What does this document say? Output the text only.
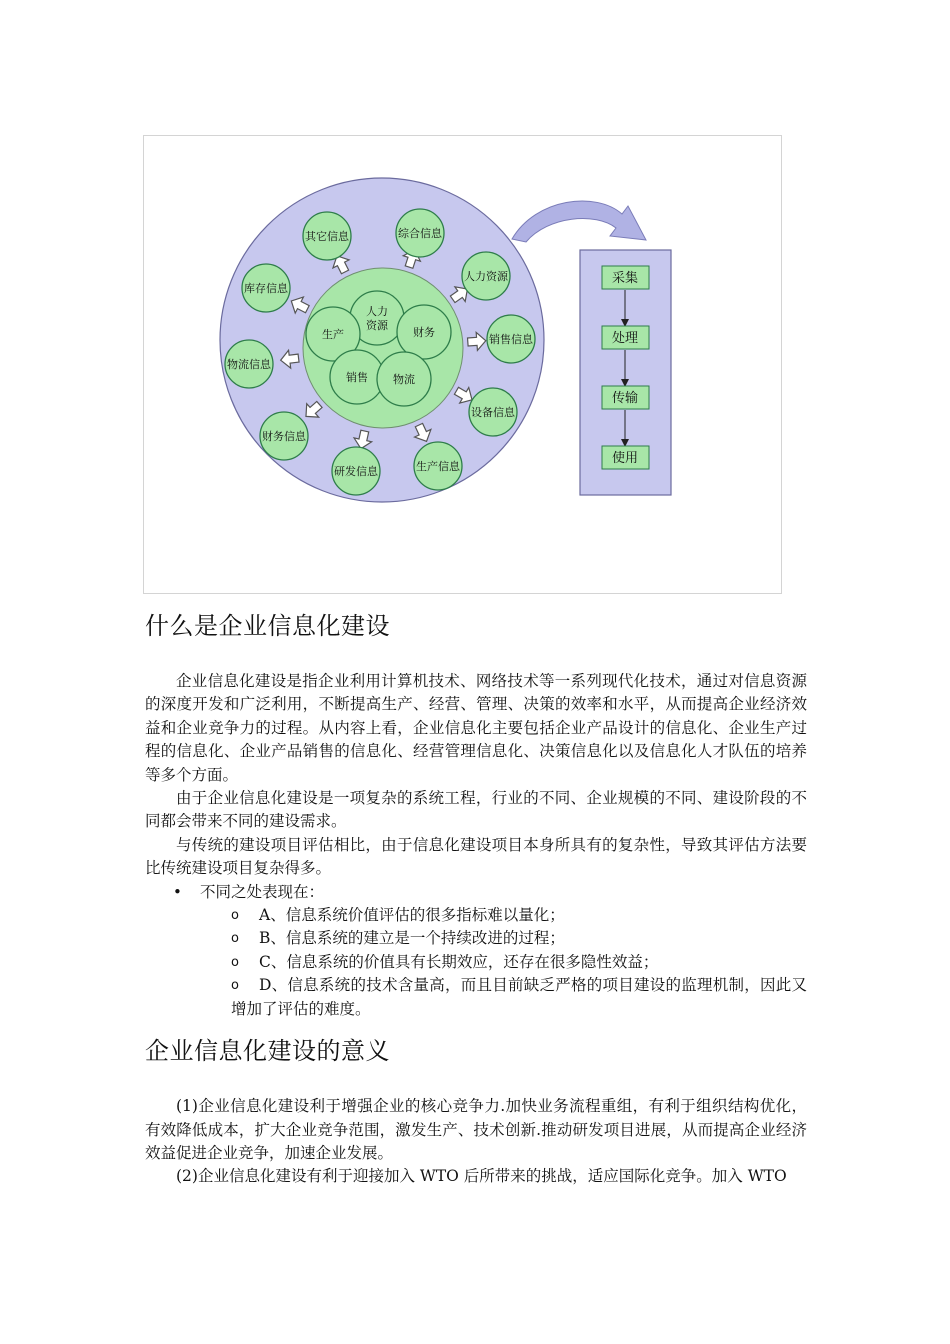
人力
资源
生产	财务
销售 物流
其它信息	综合信息
人力资源
销售信息
设备信息
生产信息
研发信息
财务信息
物流信息
库存信息
采集
处理
传输
使用
什么是企业信息化建设

企业信息化建设是指企业利用计算机技术、网络技术等一系列现代化技术，通过对信息资源的深度开发和广泛利用，不断提高生产、经营、管理、决策的效率和水平，从而提高企业经济效益和企业竞争力的过程。从内容上看，企业信息化主要包括企业产品设计的信息化、企业生产过程的信息化、企业产品销售的信息化、经营管理信息化、决策信息化以及信息化人才队伍的培养等多个方面。

由于企业信息化建设是一项复杂的系统工程，行业的不同、企业规模的不同、建设阶段的不同都会带来不同的建设需求。

与传统的建设项目评估相比，由于信息化建设项目本身所具有的复杂性，导致其评估方法要比传统建设项目复杂得多。

• 不同之处表现在：
o A、信息系统价值评估的很多指标难以量化；
o B、信息系统的建立是一个持续改进的过程；
o C、信息系统的价值具有长期效应，还存在很多隐性效益；
o D、信息系统的技术含量高，而且目前缺乏严格的项目建设的监理机制，因此又增加了评估的难度。
企业信息化建设的意义

(1)企业信息化建设利于增强企业的核心竞争力.加快业务流程重组，有利于组织结构优化，有效降低成本，扩大企业竞争范围，激发生产、技术创新.推动研发项目进展，从而提高企业经济效益促进企业竞争，加速企业发展。

(2)企业信息化建设有利于迎接加入 WTO 后所带来的挑战，适应国际化竞争。加入 WTO
